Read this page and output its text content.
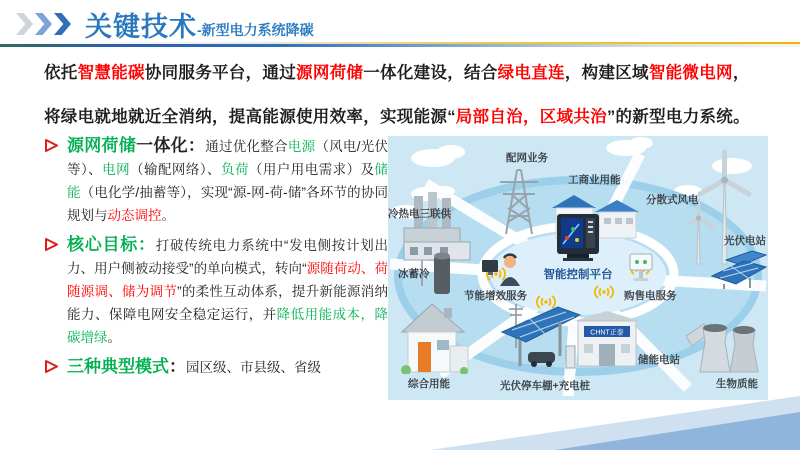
关键技术 -新型电力系统降碳

依托智慧能碳协同服务平台，通过源网荷储一体化建设，结合绿电直连，构建区域智能微电网，

将绿电就地就近全消纳，提高能源使用效率，实现能源“局部自治，区域共治”的新型电力系统。

源网荷储一体化：通过优化整合电源（风电/光伏等）、电网（输配网络）、负荷（用户用电需求）及储能（电化学/抽蓄等），实现“源-网-荷-储”各环节的协同规划与动态调控。
核心目标：打破传统电力系统中“发电侧按计划出力、用户侧被动接受”的单向模式，转向“源随荷动、荷随源调、储为调节”的柔性互动体系，提升新能源消纳能力、保障电网安全稳定运行，并降低用能成本，降碳增绿。
三种典型模式：园区级、市县级、省级
CHNT正泰
配网业务
工商业用能
分散式风电
冷热电三联供
光伏电站
冰蓄冷
节能增效服务	购售电服务
综合用能	光伏停车棚+充电桩
储能电站
生物质能
智能控制平台
